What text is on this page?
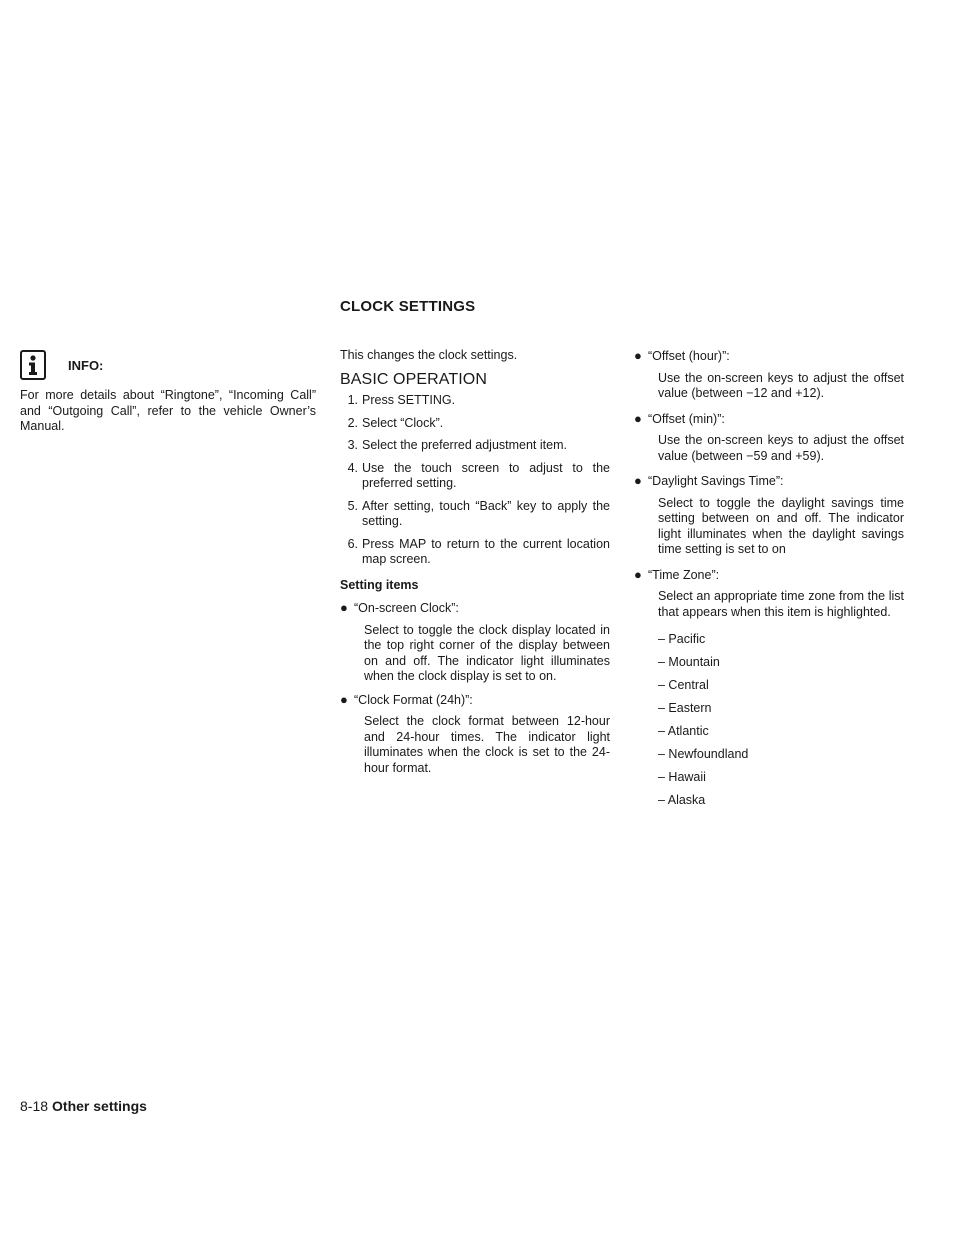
CLOCK SETTINGS
INFO:

For more details about “Ringtone”, “Incoming Call” and “Outgoing Call”, refer to the vehicle Owner’s Manual.

This changes the clock settings.

BASIC OPERATION
1. Press SETTING.
2. Select “Clock”.
3. Select the preferred adjustment item.
4. Use the touch screen to adjust to the preferred setting.
5. After setting, touch “Back” key to apply the setting.
6. Press MAP to return to the current location map screen.
Setting items
● “On-screen Clock”:
Select to toggle the clock display located in the top right corner of the display between on and off. The indicator light illuminates when the clock display is set to on.
● “Clock Format (24h)”:
Select the clock format between 12-hour and 24-hour times. The indicator light illuminates when the clock is set to the 24- hour format.
● “Offset (hour)”:
Use the on-screen keys to adjust the offset value (between −12 and +12).
● “Offset (min)”:
Use the on-screen keys to adjust the offset value (between −59 and +59).
● “Daylight Savings Time”:
Select to toggle the daylight savings time setting between on and off. The indicator light illuminates when the daylight savings time setting is set to on
● “Time Zone”:
Select an appropriate time zone from the list that appears when this item is highlighted.
– Pacific
– Mountain
– Central
– Eastern
– Atlantic
– Newfoundland
– Hawaii
– Alaska
8-18 Other settings
